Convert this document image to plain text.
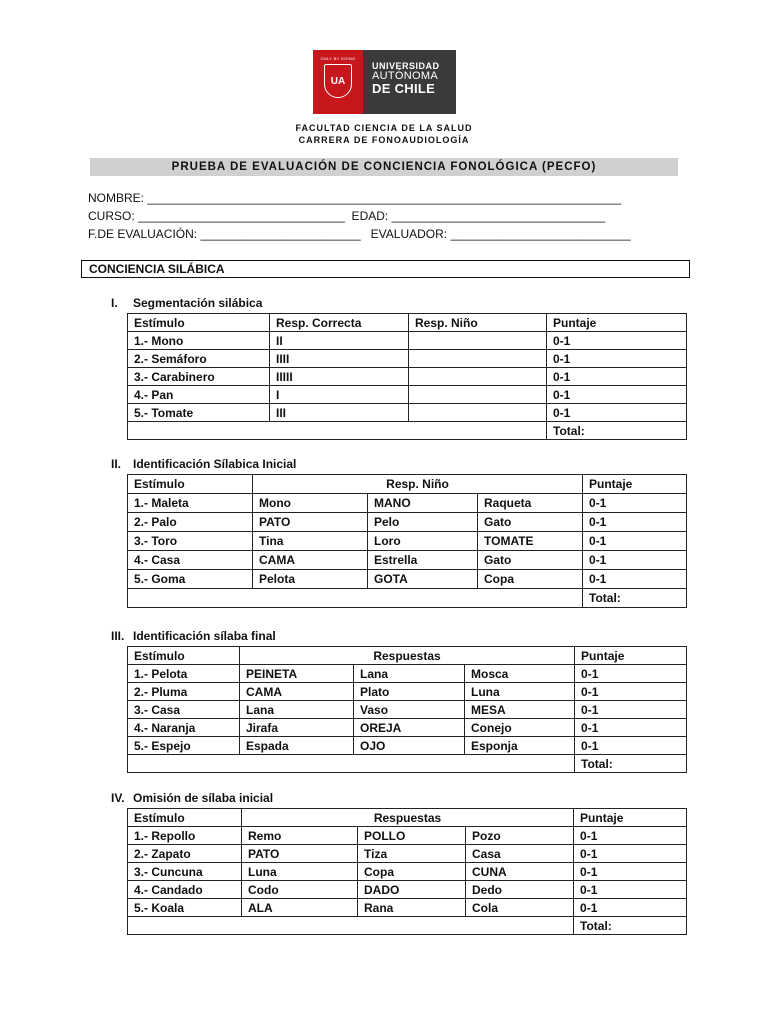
ONLY BY DOING
UA
UNIVERSIDAD
AUTÓNOMA
DE CHILE
FACULTAD CIENCIA DE LA SALUD
CARRERA DE FONOAUDIOLOGÍA
PRUEBA DE EVALUACIÓN DE CONCIENCIA FONOLÓGICA (PECFO)
NOMBRE: _______________________________________________________________________
CURSO: _______________________________  EDAD: ________________________________
F.DE EVALUACIÓN: ________________________   EVALUADOR: ___________________________
CONCIENCIA SILÁBICA
I. Segmentación silábica
Estímulo	Resp. Correcta	Resp. Niño	Puntaje
1.- Mono	II		0-1
2.- Semáforo	IIII		0-1
3.- Carabinero	IIIII		0-1
4.- Pan	I		0-1
5.- Tomate	III		0-1
			Total:
II. Identificación Sílabica Inicial
Estímulo	Resp. Niño			Puntaje
1.- Maleta	Mono	MANO	Raqueta	0-1
2.- Palo	PATO	Pelo	Gato	0-1
3.- Toro	Tina	Loro	TOMATE	0-1
4.- Casa	CAMA	Estrella	Gato	0-1
5.- Goma	Pelota	GOTA	Copa	0-1
				Total:
III. Identificación sílaba final
Estímulo	Respuestas			Puntaje
1.- Pelota	PEINETA	Lana	Mosca	0-1
2.- Pluma	CAMA	Plato	Luna	0-1
3.- Casa	Lana	Vaso	MESA	0-1
4.- Naranja	Jirafa	OREJA	Conejo	0-1
5.- Espejo	Espada	OJO	Esponja	0-1
				Total:
IV. Omisión de sílaba inicial
Estímulo	Respuestas			Puntaje
1.- Repollo	Remo	POLLO	Pozo	0-1
2.- Zapato	PATO	Tiza	Casa	0-1
3.- Cuncuna	Luna	Copa	CUNA	0-1
4.- Candado	Codo	DADO	Dedo	0-1
5.- Koala	ALA	Rana	Cola	0-1
				Total:
